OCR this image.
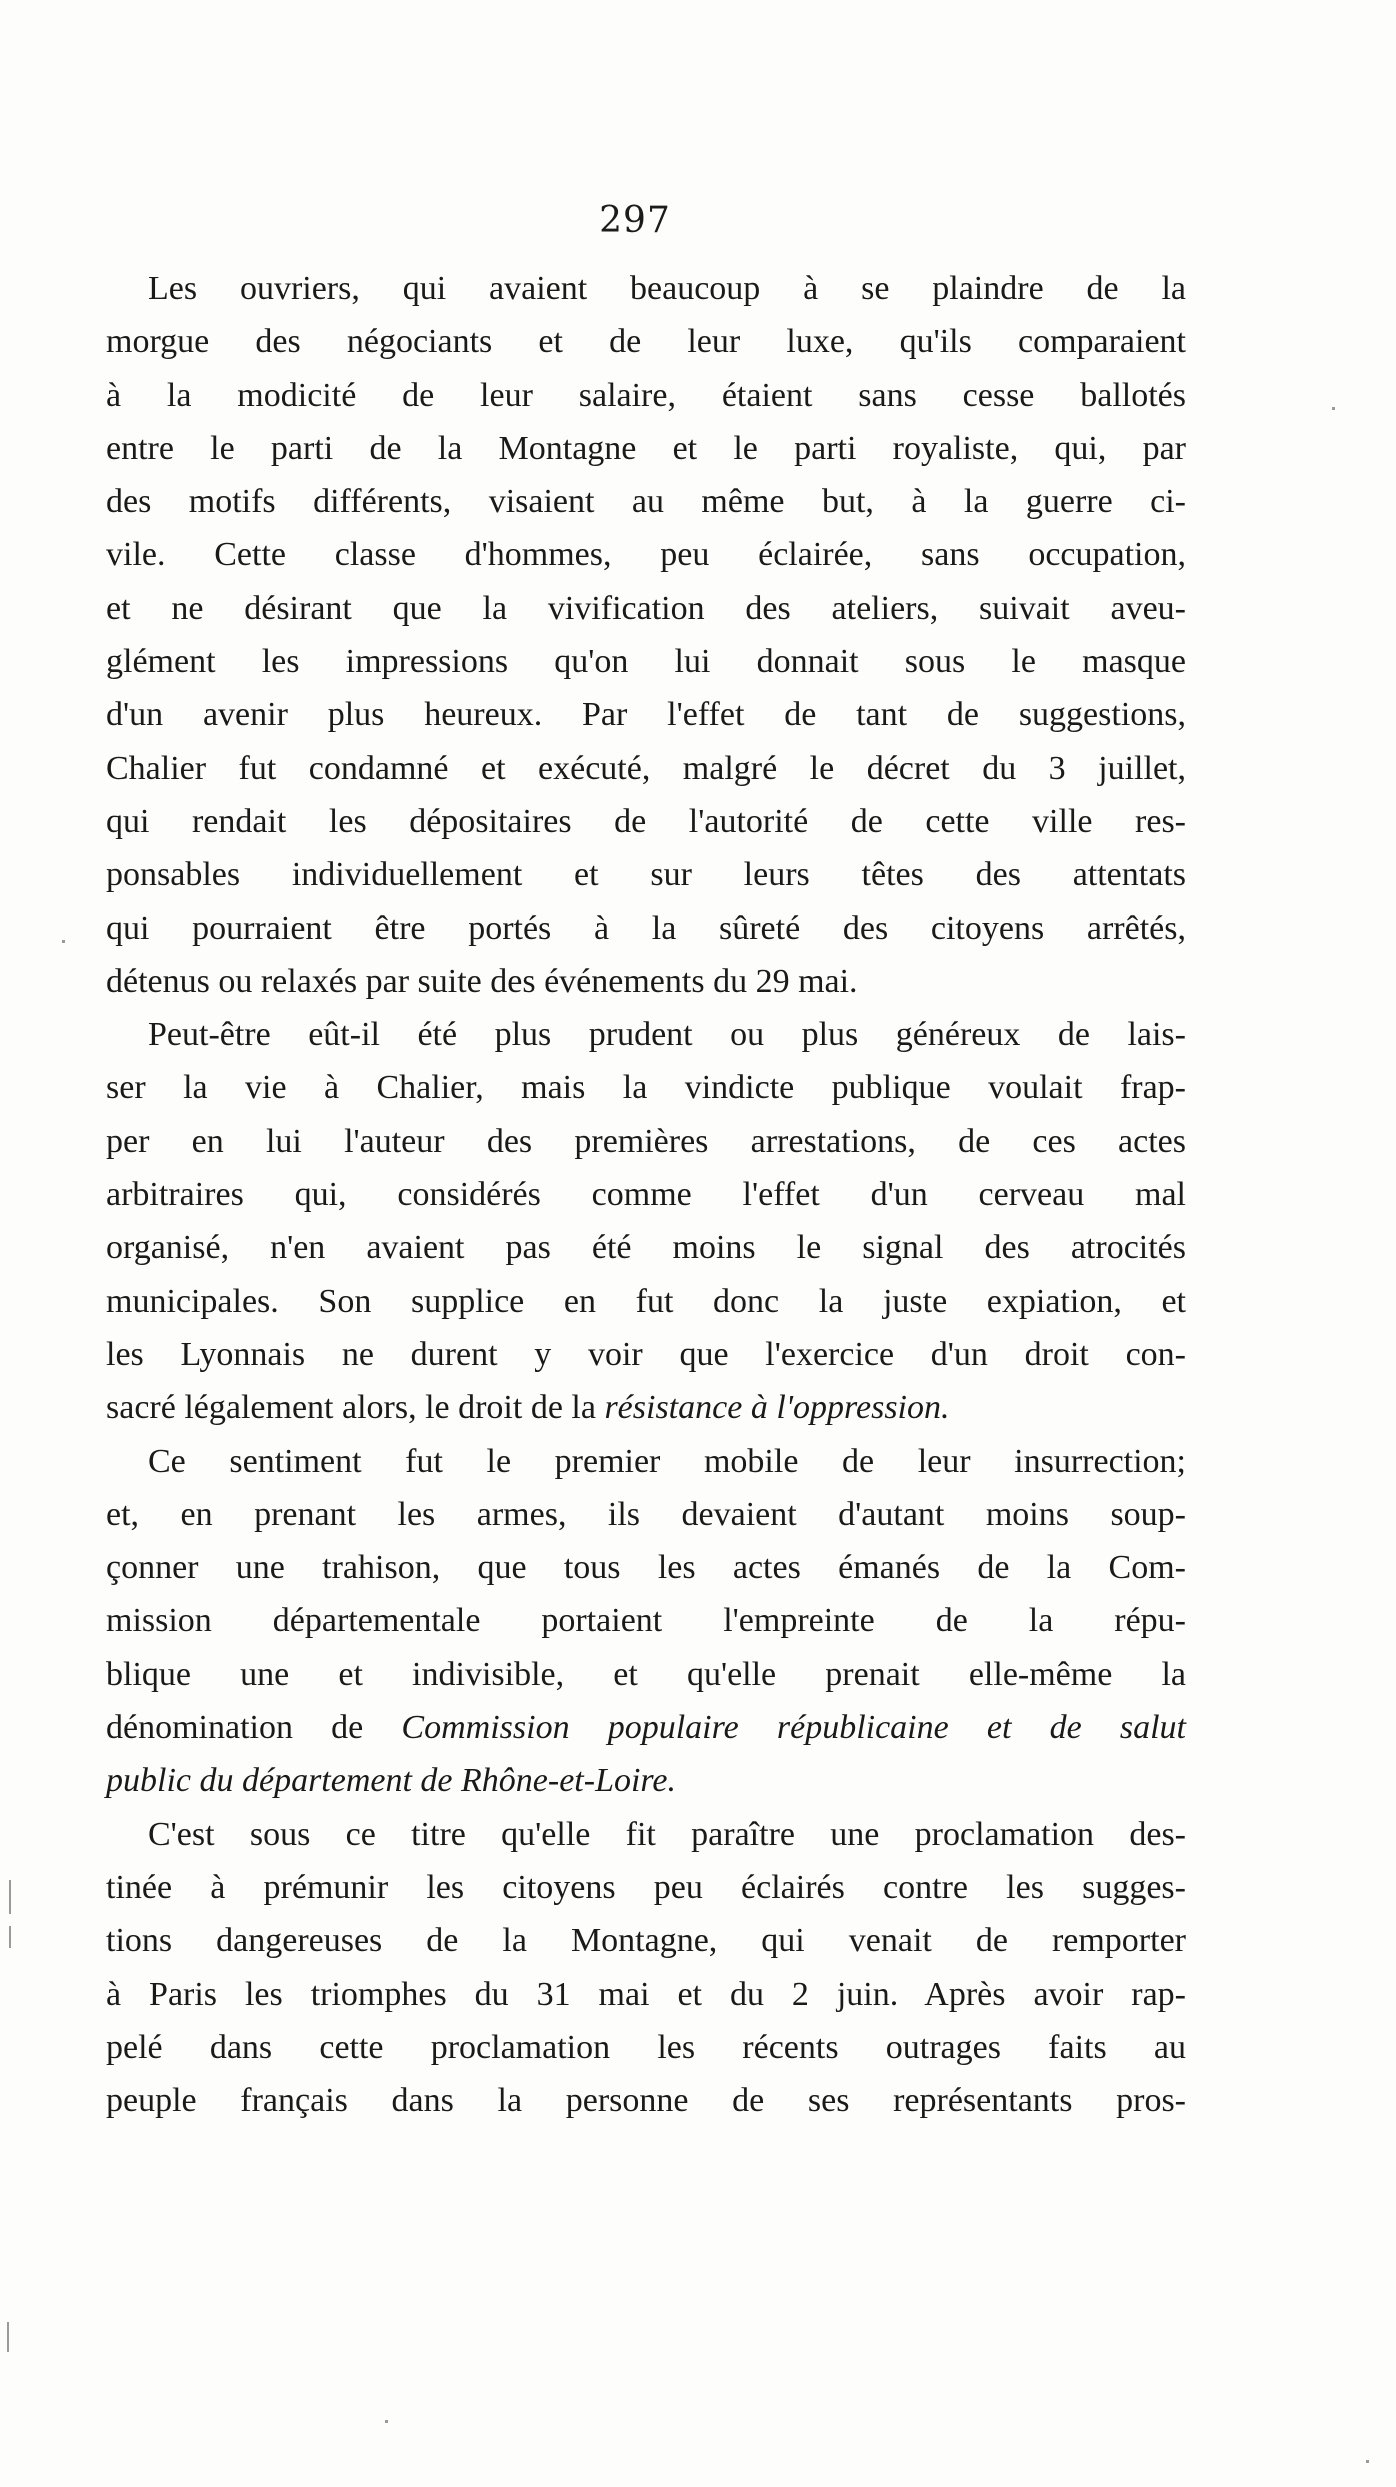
297
Les ouvriers, qui avaient beaucoup à se plaindre de la
morgue des négociants et de leur luxe, qu'ils comparaient
à la modicité de leur salaire, étaient sans cesse ballotés
entre le parti de la Montagne et le parti royaliste, qui, par
des motifs différents, visaient au même but, à la guerre ci-
vile. Cette classe d'hommes, peu éclairée, sans occupation,
et ne désirant que la vivification des ateliers, suivait aveu-
glément les impressions qu'on lui donnait sous le masque
d'un avenir plus heureux. Par l'effet de tant de suggestions,
Chalier fut condamné et exécuté, malgré le décret du 3 juillet,
qui rendait les dépositaires de l'autorité de cette ville res-
ponsables individuellement et sur leurs têtes des attentats
qui pourraient être portés à la sûreté des citoyens arrêtés,
détenus ou relaxés par suite des événements du 29 mai.
Peut-être eût-il été plus prudent ou plus généreux de lais-
ser la vie à Chalier, mais la vindicte publique voulait frap-
per en lui l'auteur des premières arrestations, de ces actes
arbitraires qui, considérés comme l'effet d'un cerveau mal
organisé, n'en avaient pas été moins le signal des atrocités
municipales. Son supplice en fut donc la juste expiation, et
les Lyonnais ne durent y voir que l'exercice d'un droit con-
sacré légalement alors, le droit de la résistance à l'oppression.
Ce sentiment fut le premier mobile de leur insurrection;
et, en prenant les armes, ils devaient d'autant moins soup-
çonner une trahison, que tous les actes émanés de la Com-
mission départementale portaient l'empreinte de la répu-
blique une et indivisible, et qu'elle prenait elle-même la
dénomination de Commission populaire républicaine et de salut
public du département de Rhône-et-Loire.
C'est sous ce titre qu'elle fit paraître une proclamation des-
tinée à prémunir les citoyens peu éclairés contre les sugges-
tions dangereuses de la Montagne, qui venait de remporter
à Paris les triomphes du 31 mai et du 2 juin. Après avoir rap-
pelé dans cette proclamation les récents outrages faits au
peuple français dans la personne de ses représentants pros-
